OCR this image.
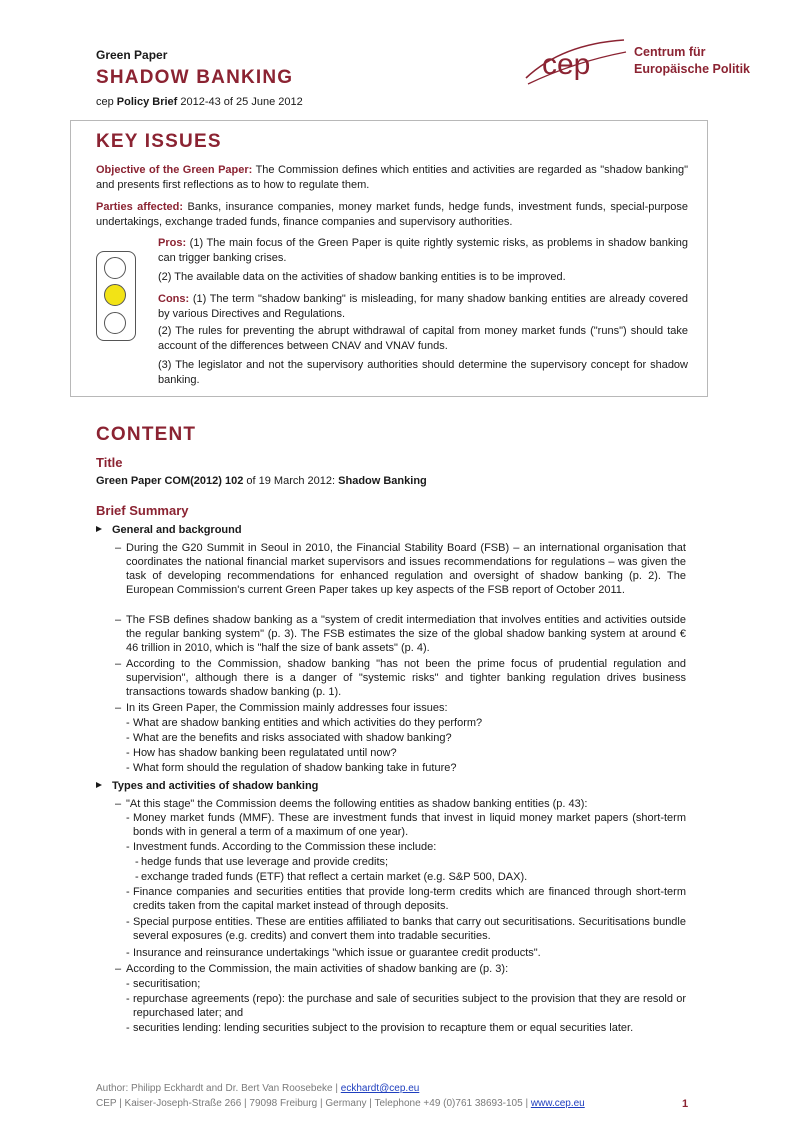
Green Paper
SHADOW BANKING
cep Policy Brief 2012-43 of 25 June 2012
cep	Centrum für
Europäische Politik
KEY ISSUES
Objective of the Green Paper: The Commission defines which entities and activities are regarded as "shadow banking" and presents first reflections as to how to regulate them.
Parties affected: Banks, insurance companies, money market funds, hedge funds, investment funds, special-purpose undertakings, exchange traded funds, finance companies and supervisory authorities.
Pros: (1) The main focus of the Green Paper is quite rightly systemic risks, as problems in shadow banking can trigger banking crises.
(2) The available data on the activities of shadow banking entities is to be improved.
Cons: (1) The term "shadow banking" is misleading, for many shadow banking entities are already covered by various Directives and Regulations.
(2) The rules for preventing the abrupt withdrawal of capital from money market funds ("runs") should take account of the differences between CNAV and VNAV funds.
(3) The legislator and not the supervisory authorities should determine the supervisory concept for shadow banking.
CONTENT
Title
Green Paper COM(2012) 102 of 19 March 2012: Shadow Banking
Brief Summary
General and background
– During the G20 Summit in Seoul in 2010, the Financial Stability Board (FSB) – an international organisation that coordinates the national financial market supervisors and issues recommendations for regulations – was given the task of developing recommendations for enhanced regulation and oversight of shadow banking (p. 2). The European Commission's current Green Paper takes up key aspects of the FSB report of October 2011.
– The FSB defines shadow banking as a "system of credit intermediation that involves entities and activities outside the regular banking system" (p. 3). The FSB estimates the size of the global shadow banking system at around € 46 trillion in 2010, which is "half the size of bank assets" (p. 4).
– According to the Commission, shadow banking "has not been the prime focus of prudential regulation and supervision", although there is a danger of "systemic risks" and tighter banking regulation drives business transactions towards shadow banking (p. 1).
– In its Green Paper, the Commission mainly addresses four issues:
- What are shadow banking entities and which activities do they perform?
- What are the benefits and risks associated with shadow banking?
- How has shadow banking been regulatated until now?
- What form should the regulation of shadow banking take in future?
Types and activities of shadow banking
– "At this stage" the Commission deems the following entities as shadow banking entities (p. 43):
- Money market funds (MMF). These are investment funds that invest in liquid money market papers (short-term bonds with in general a term of a maximum of one year).
- Investment funds. According to the Commission these include:
- hedge funds that use leverage and provide credits;
- exchange traded funds (ETF) that reflect a certain market (e.g. S&P 500, DAX).
- Finance companies and securities entities that provide long-term credits which are financed through short-term credits taken from the capital market instead of through deposits.
- Special purpose entities. These are entities affiliated to banks that carry out securitisations. Securitisations bundle several exposures (e.g. credits) and convert them into tradable securities.
- Insurance and reinsurance undertakings "which issue or guarantee credit products".
– According to the Commission, the main activities of shadow banking are (p. 3):
- securitisation;
- repurchase agreements (repo): the purchase and sale of securities subject to the provision that they are resold or repurchased later; and
- securities lending: lending securities subject to the provision to recapture them or equal securities later.
Author: Philipp Eckhardt and Dr. Bert Van Roosebeke | eckhardt@cep.eu
CEP | Kaiser-Joseph-Straße 266 | 79098 Freiburg | Germany | Telephone +49 (0)761 38693-105 | www.cep.eu	1
